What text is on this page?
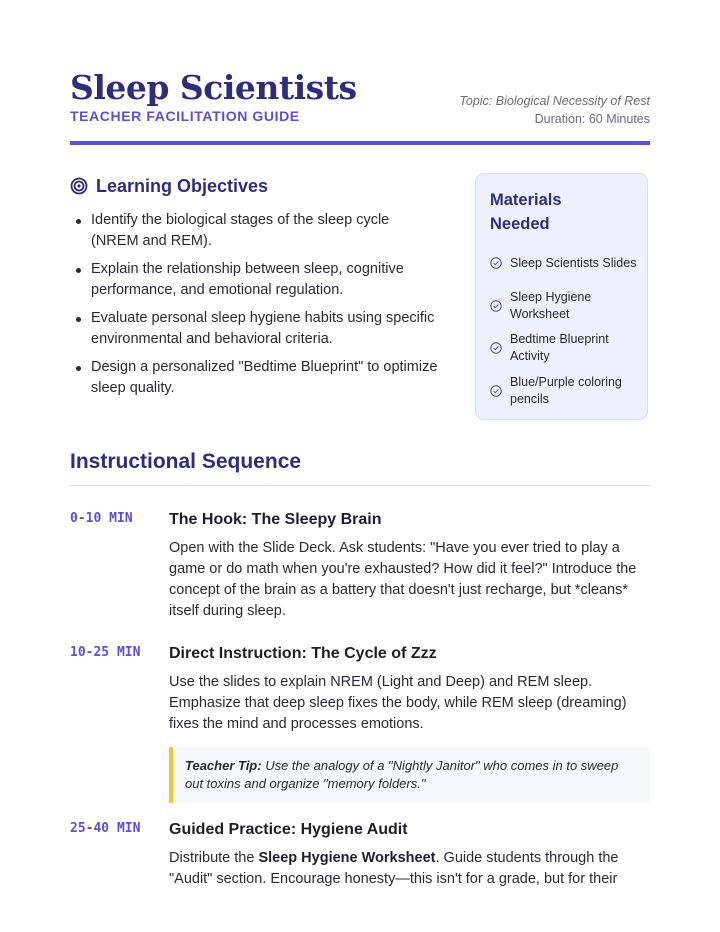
Sleep Scientists
TEACHER FACILITATION GUIDE
Topic: Biological Necessity of Rest
Duration: 60 Minutes
Learning Objectives
Identify the biological stages of the sleep cycle (NREM and REM).
Explain the relationship between sleep, cognitive performance, and emotional regulation.
Evaluate personal sleep hygiene habits using specific environmental and behavioral criteria.
Design a personalized "Bedtime Blueprint" to optimize sleep quality.
Materials Needed
Sleep Scientists Slides
Sleep Hygiene Worksheet
Bedtime Blueprint Activity
Blue/Purple coloring pencils
Instructional Sequence
0-10 MIN The Hook: The Sleepy Brain
Open with the Slide Deck. Ask students: "Have you ever tried to play a game or do math when you're exhausted? How did it feel?" Introduce the concept of the brain as a battery that doesn't just recharge, but *cleans* itself during sleep.
10-25 MIN Direct Instruction: The Cycle of Zzz
Use the slides to explain NREM (Light and Deep) and REM sleep. Emphasize that deep sleep fixes the body, while REM sleep (dreaming) fixes the mind and processes emotions.
Teacher Tip: Use the analogy of a "Nightly Janitor" who comes in to sweep out toxins and organize "memory folders."
25-40 MIN Guided Practice: Hygiene Audit
Distribute the Sleep Hygiene Worksheet. Guide students through the "Audit" section. Encourage honesty—this isn't for a grade, but for their
